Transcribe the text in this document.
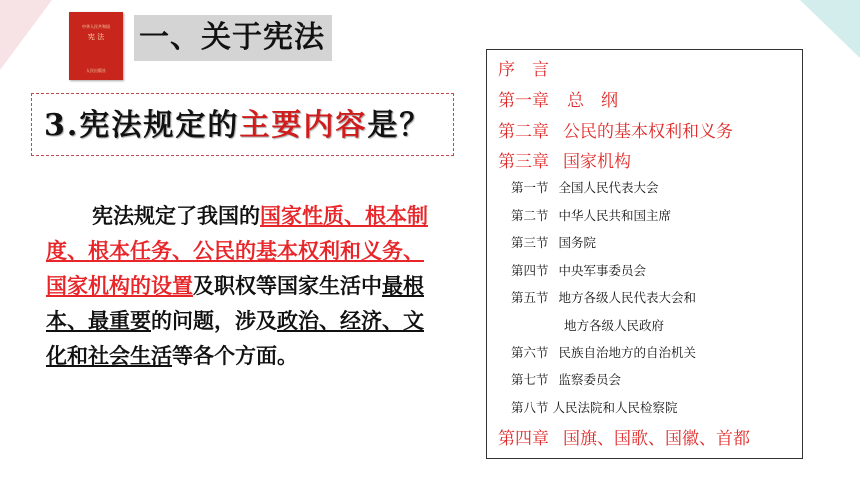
中华人民共和国
宪 法
人民出版社
一、关于宪法
3.宪法规定的主要内容是？
宪法规定了我国的国家性质、根本制度、根本任务、公民的基本权利和义务、国家机构的设置及职权等国家生活中最根本、最重要的问题，涉及政治、经济、文化和社会生活等各个方面。
序　言
第一章 总　纲
第二章 公民的基本权利和义务
第三章 国家机构
第一节 全国人民代表大会
第二节 中华人民共和国主席
第三节 国务院
第四节 中央军事委员会
第五节 地方各级人民代表大会和
地方各级人民政府
第六节 民族自治地方的自治机关
第七节 监察委员会
第八节 人民法院和人民检察院
第四章 国旗、国歌、国徽、首都
